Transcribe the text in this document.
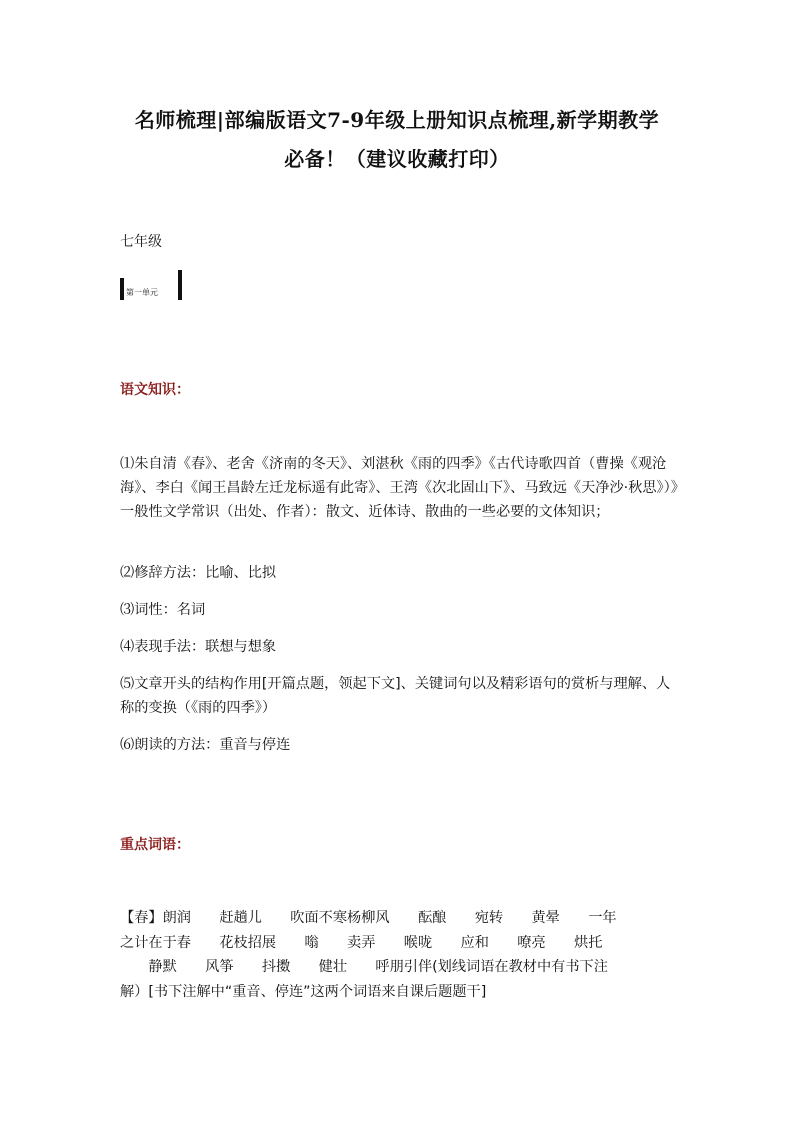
名师梳理|部编版语文7-9年级上册知识点梳理,新学期教学
必备！（建议收藏打印）
七年级
第一单元
语文知识：
⑴朱自清《春》、老舍《济南的冬天》、刘湛秋《雨的四季》《古代诗歌四首（曹操《观沧海》、李白《闻王昌龄左迁龙标遥有此寄》、王湾《次北固山下》、马致远《天净沙·秋思》）》一般性文学常识（出处、作者）：散文、近体诗、散曲的一些必要的文体知识；
⑵修辞方法：比喻、比拟
⑶词性：名词
⑷表现手法：联想与想象
⑸文章开头的结构作用[开篇点题，领起下文]、关键词句以及精彩语句的赏析与理解、人称的变换（《雨的四季》）
⑹朗读的方法：重音与停连
重点词语：
【春】朗润　　赶趟儿　　吹面不寒杨柳风　　酝酿　　宛转　　黄晕　　一年
之计在于春　　花枝招展　　嗡　　卖弄　　喉咙　　应和　　嘹亮　　烘托
　　静默　　风筝　　抖擞　　健壮　　呼朋引伴(划线词语在教材中有书下注
解）[书下注解中“重音、停连”这两个词语来自课后题题干]
